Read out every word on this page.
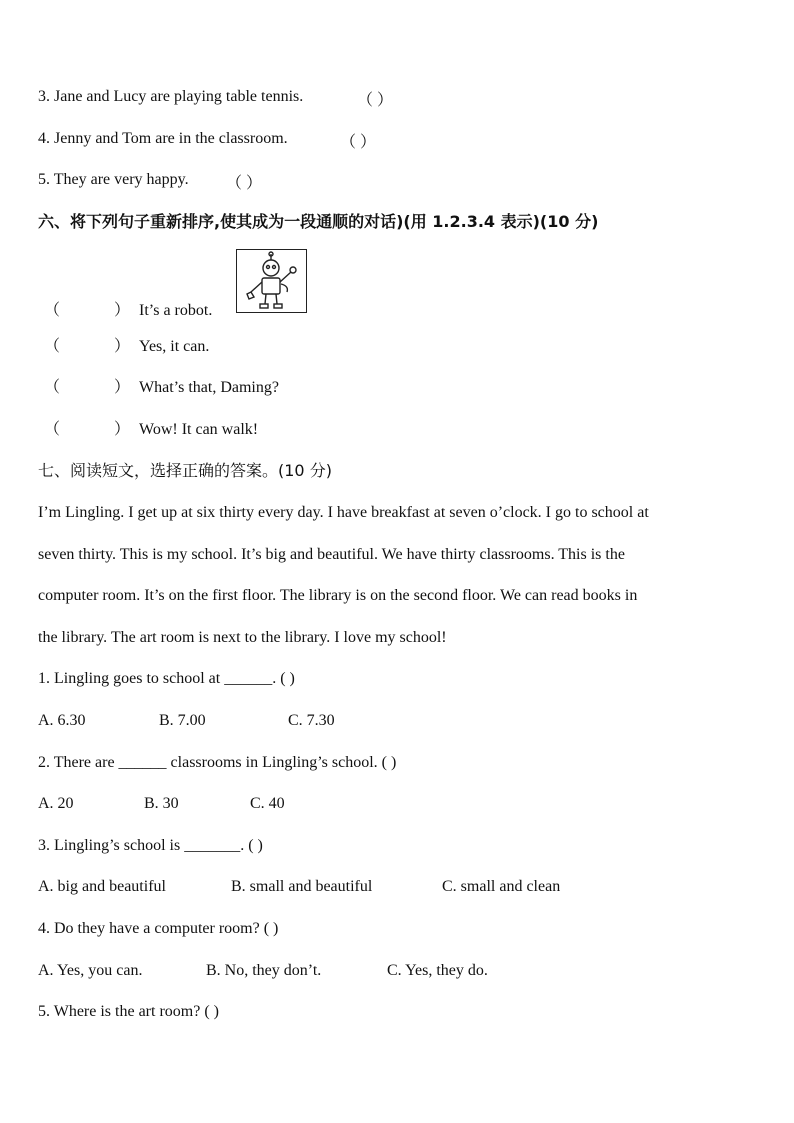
3. Jane and Lucy are playing table tennis.	（ ）
4. Jenny and Tom are in the classroom.	（ ）
5. They are very happy. （ ）
六、将下列句子重新排序,使其成为一段通顺的对话)(用 1.2.3.4 表示)(10 分)
（	） It’s a robot.
（	） Yes, it can.
（	） What’s that, Daming?
（	） Wow! It can walk!
七、阅读短文，选择正确的答案。(10 分)
I’m Lingling. I get up at six thirty every day. I have breakfast at seven o’clock. I go to school at
seven thirty. This is my school. It’s big and beautiful. We have thirty classrooms. This is the
computer room. It’s on the first floor. The library is on the second floor. We can read books in
the library. The art room is next to the library. I love my school!
1. Lingling goes to school at ______. ( )
A. 6.30	B. 7.00	C. 7.30
2. There are ______ classrooms in Lingling’s school. ( )
A. 20	B. 30	C. 40
3. Lingling’s school is _______. ( )
A. big and beautiful	B. small and beautiful	C. small and clean
4. Do they have a computer room? ( )
A. Yes, you can.	B. No, they don’t.	C. Yes, they do.
5. Where is the art room? ( )
